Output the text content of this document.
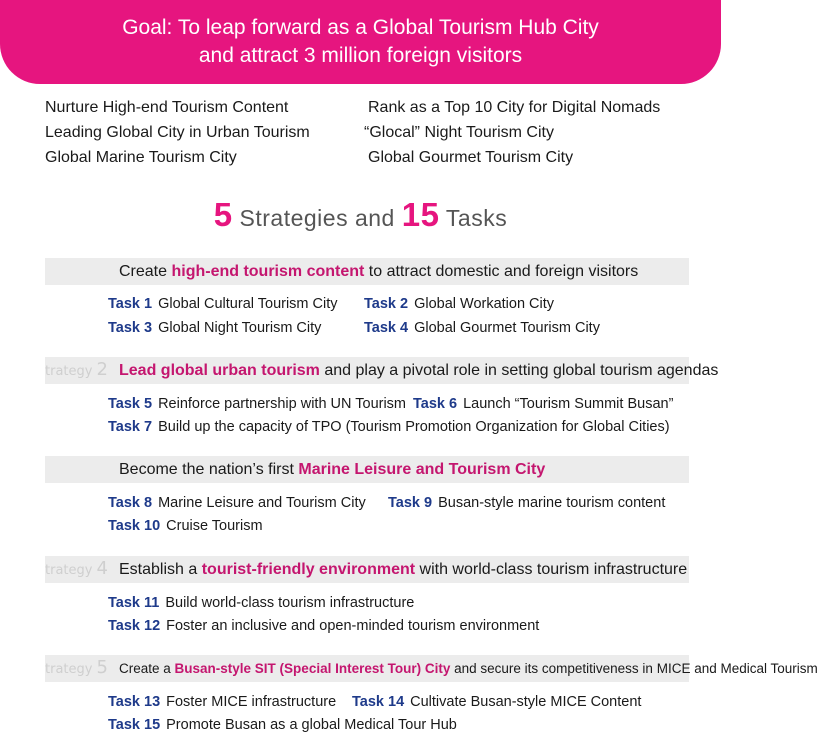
Goal: To leap forward as a Global Tourism Hub City
and attract 3 million foreign visitors
Nurture High-end Tourism Content	Rank as a Top 10 City for Digital Nomads
Leading Global City in Urban Tourism	“Glocal” Night Tourism City
Global Marine Tourism City	Global Gourmet Tourism City
5 Strategies and 15 Tasks
Create high-end tourism content to attract domestic and foreign visitors
Task 1 Global Cultural Tourism City Task 2 Global Workation City
Task 3 Global Night Tourism City	Task 4 Global Gourmet Tourism City
trategy 2 Lead global urban tourism and play a pivotal role in setting global tourism agendas
Task 5 Reinforce partnership with UN Tourism Task 6 Launch “Tourism Summit Busan”
Task 7 Build up the capacity of TPO (Tourism Promotion Organization for Global Cities)
Become the nation’s first Marine Leisure and Tourism City
Task 8 Marine Leisure and Tourism City Task 9 Busan-style marine tourism content
Task 10 Cruise Tourism
trategy 4 Establish a tourist-friendly environment with world-class tourism infrastructure
Task 11 Build world-class tourism infrastructure
Task 12 Foster an inclusive and open-minded tourism environment
trategy 5 Create a Busan-style SIT (Special Interest Tour) City and secure its competitiveness in MICE and Medical Tourism
Task 13 Foster MICE infrastructure Task 14 Cultivate Busan-style MICE Content
Task 15 Promote Busan as a global Medical Tour Hub
